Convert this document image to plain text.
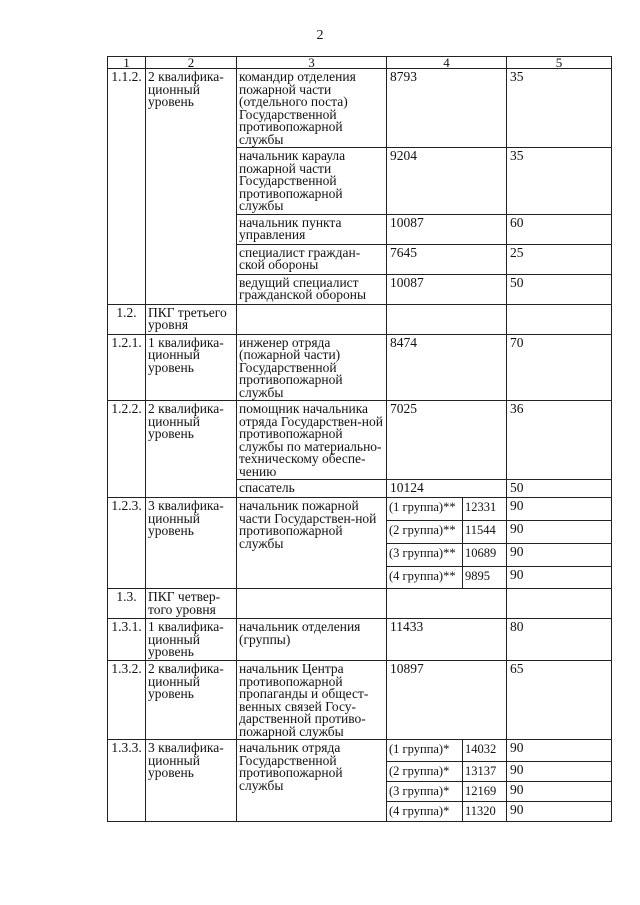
2
1	2	3	4		5
1.1.2.	2 квалифика-ционный уровень	командир отделения пожарной части (отдельного поста) Государственной противопожарной службы	8793		35
		начальник караула пожарной части Государственной противопожарной службы	9204		35
		начальник пункта управления	10087		60
		специалист граждан-ской обороны	7645		25
		ведущий специалист гражданской обороны	10087		50
1.2.	ПКГ третьего уровня				
1.2.1.	1 квалифика-ционный уровень	инженер отряда (пожарной части) Государственной противопожарной службы	8474		70
1.2.2.	2 квалифика-ционный уровень	помощник начальника отряда Государствен-ной противопожарной службы по материально-техническому обеспе-чению	7025		36
		спасатель	10124		50
1.2.3.	3 квалифика-ционный уровень	начальник пожарной части Государствен-ной противопожарной службы	(1 группа)**	12331	90
			(2 группа)**	11544	90
			(3 группа)**	10689	90
			(4 группа)**	9895	90
1.3.	ПКГ четвер-того уровня				
1.3.1.	1 квалифика-ционный уровень	начальник отделения (группы)	11433		80
1.3.2.	2 квалифика-ционный уровень	начальник Центра противопожарной пропаганды и общест-венных связей Госу-дарственной противо-пожарной службы	10897		65
1.3.3.	3 квалифика-ционный уровень	начальник отряда Государственной противопожарной службы	(1 группа)*	14032	90
			(2 группа)*	13137	90
			(3 группа)*	12169	90
			(4 группа)*	11320	90
